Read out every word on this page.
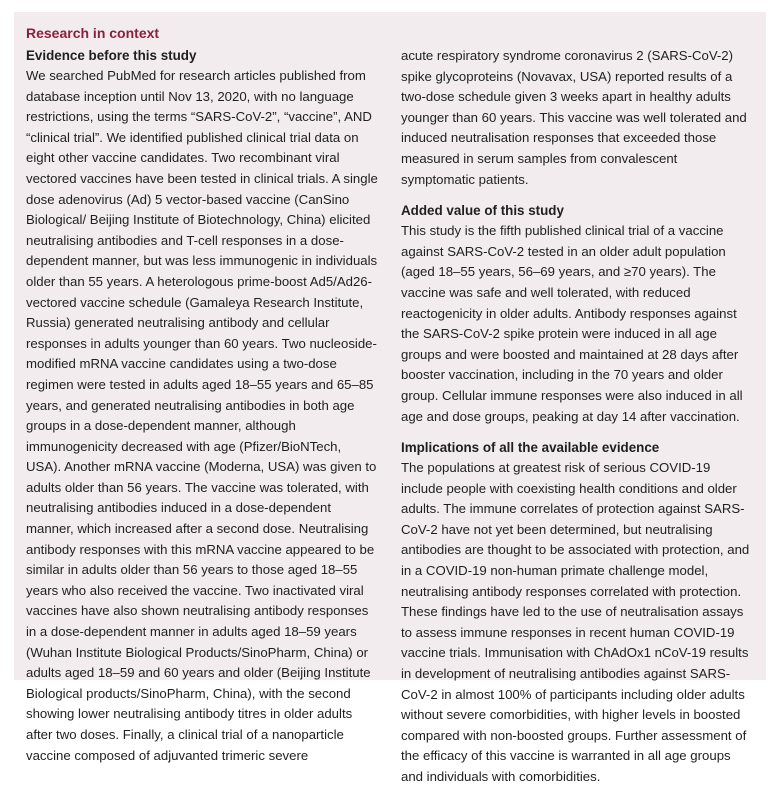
Research in context
Evidence before this study

We searched PubMed for research articles published from database inception until Nov 13, 2020, with no language restrictions, using the terms “SARS-CoV-2”, “vaccine”, AND “clinical trial”. We identified published clinical trial data on eight other vaccine candidates. Two recombinant viral vectored vaccines have been tested in clinical trials. A single dose adenovirus (Ad) 5 vector-based vaccine (CanSino Biological/ Beijing Institute of Biotechnology, China) elicited neutralising antibodies and T-cell responses in a dose-dependent manner, but was less immunogenic in individuals older than 55 years. A heterologous prime-boost Ad5/Ad26-vectored vaccine schedule (Gamaleya Research Institute, Russia) generated neutralising antibody and cellular responses in adults younger than 60 years. Two nucleoside-modified mRNA vaccine candidates using a two-dose regimen were tested in adults aged 18–55 years and 65–85 years, and generated neutralising antibodies in both age groups in a dose-dependent manner, although immunogenicity decreased with age (Pfizer/BioNTech, USA). Another mRNA vaccine (Moderna, USA) was given to adults older than 56 years. The vaccine was tolerated, with neutralising antibodies induced in a dose-dependent manner, which increased after a second dose. Neutralising antibody responses with this mRNA vaccine appeared to be similar in adults older than 56 years to those aged 18–55 years who also received the vaccine. Two inactivated viral vaccines have also shown neutralising antibody responses in a dose-dependent manner in adults aged 18–59 years (Wuhan Institute Biological Products/SinoPharm, China) or adults aged 18–59 and 60 years and older (Beijing Institute Biological products/SinoPharm, China), with the second showing lower neutralising antibody titres in older adults after two doses. Finally, a clinical trial of a nanoparticle vaccine composed of adjuvanted trimeric severe

acute respiratory syndrome coronavirus 2 (SARS-CoV-2) spike glycoproteins (Novavax, USA) reported results of a two-dose schedule given 3 weeks apart in healthy adults younger than 60 years. This vaccine was well tolerated and induced neutralisation responses that exceeded those measured in serum samples from convalescent symptomatic patients.

Added value of this study

This study is the fifth published clinical trial of a vaccine against SARS-CoV-2 tested in an older adult population (aged 18–55 years, 56–69 years, and ≥70 years). The vaccine was safe and well tolerated, with reduced reactogenicity in older adults. Antibody responses against the SARS-CoV-2 spike protein were induced in all age groups and were boosted and maintained at 28 days after booster vaccination, including in the 70 years and older group. Cellular immune responses were also induced in all age and dose groups, peaking at day 14 after vaccination.

Implications of all the available evidence

The populations at greatest risk of serious COVID-19 include people with coexisting health conditions and older adults. The immune correlates of protection against SARS-CoV-2 have not yet been determined, but neutralising antibodies are thought to be associated with protection, and in a COVID-19 non-human primate challenge model, neutralising antibody responses correlated with protection. These findings have led to the use of neutralisation assays to assess immune responses in recent human COVID-19 vaccine trials. Immunisation with ChAdOx1 nCoV-19 results in development of neutralising antibodies against SARS-CoV-2 in almost 100% of participants including older adults without severe comorbidities, with higher levels in boosted compared with non-boosted groups. Further assessment of the efficacy of this vaccine is warranted in all age groups and individuals with comorbidities.
